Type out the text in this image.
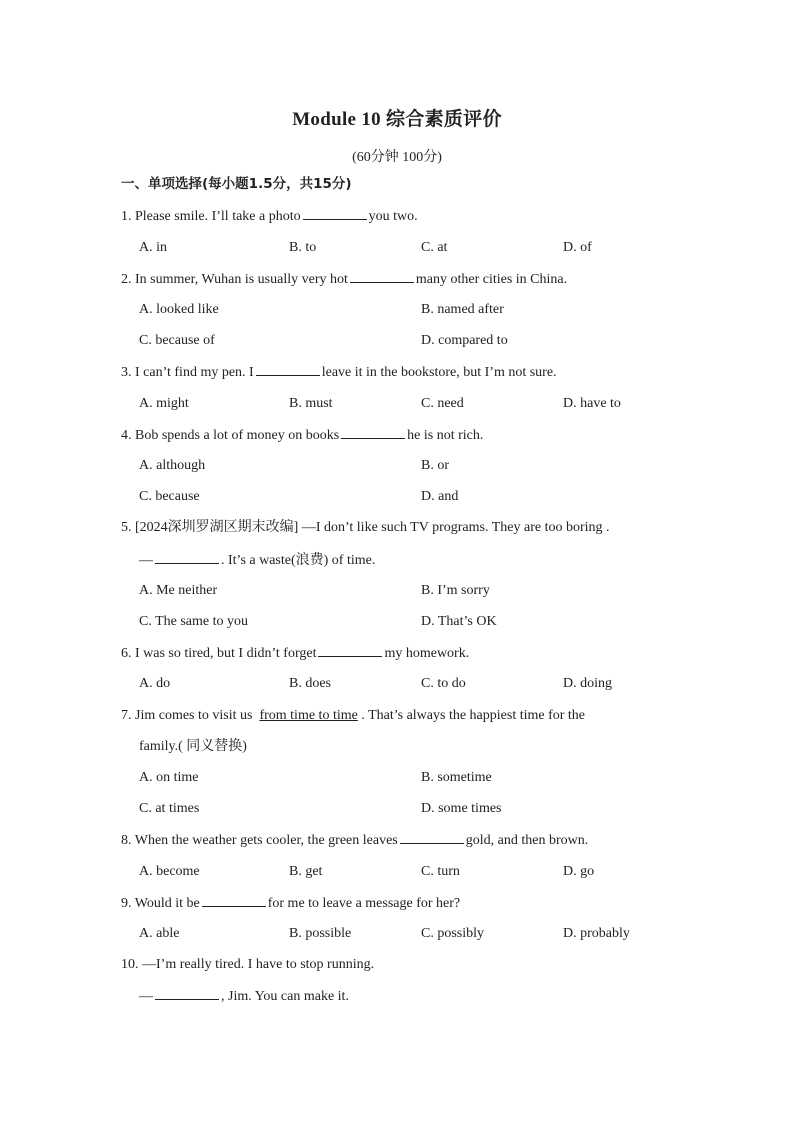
Module 10 综合素质评价
(60分钟 100分)
一、单项选择(每小题1.5分，共15分)
1. Please smile. I’ll take a photo	you two.
A. in	B. to	C. at	D. of
2. In summer, Wuhan is usually very hot	many other cities in China.
A. looked like	B. named after
C. because of	D. compared to
3. I can’t find my pen. I	leave it in the bookstore, but I’m not sure.
A. might	B. must	C. need	D. have to
4. Bob spends a lot of money on books	he is not rich.
A. although	B. or
C. because	D. and
5. [2024深圳罗湖区期末改编] —I don’t like such TV programs. They are too boring .
—	. It’s a waste(浪费) of time.
A. Me neither	B. I’m sorry
C. The same to you	D. That’s OK
6. I was so tired, but I didn’t forget	my homework.
A. do	B. does	C. to do	D. doing
7. Jim comes to visit us from time to time . That’s always the happiest time for the
family.( 同义替换)
A. on time	B. sometime
C. at times	D. some times
8. When the weather gets cooler, the green leaves	gold, and then brown.
A. become	B. get	C. turn	D. go
9. Would it be	for me to leave a message for her?
A. able	B. possible	C. possibly	D. probably
10. —I’m really tired. I have to stop running.
—	, Jim. You can make it.
